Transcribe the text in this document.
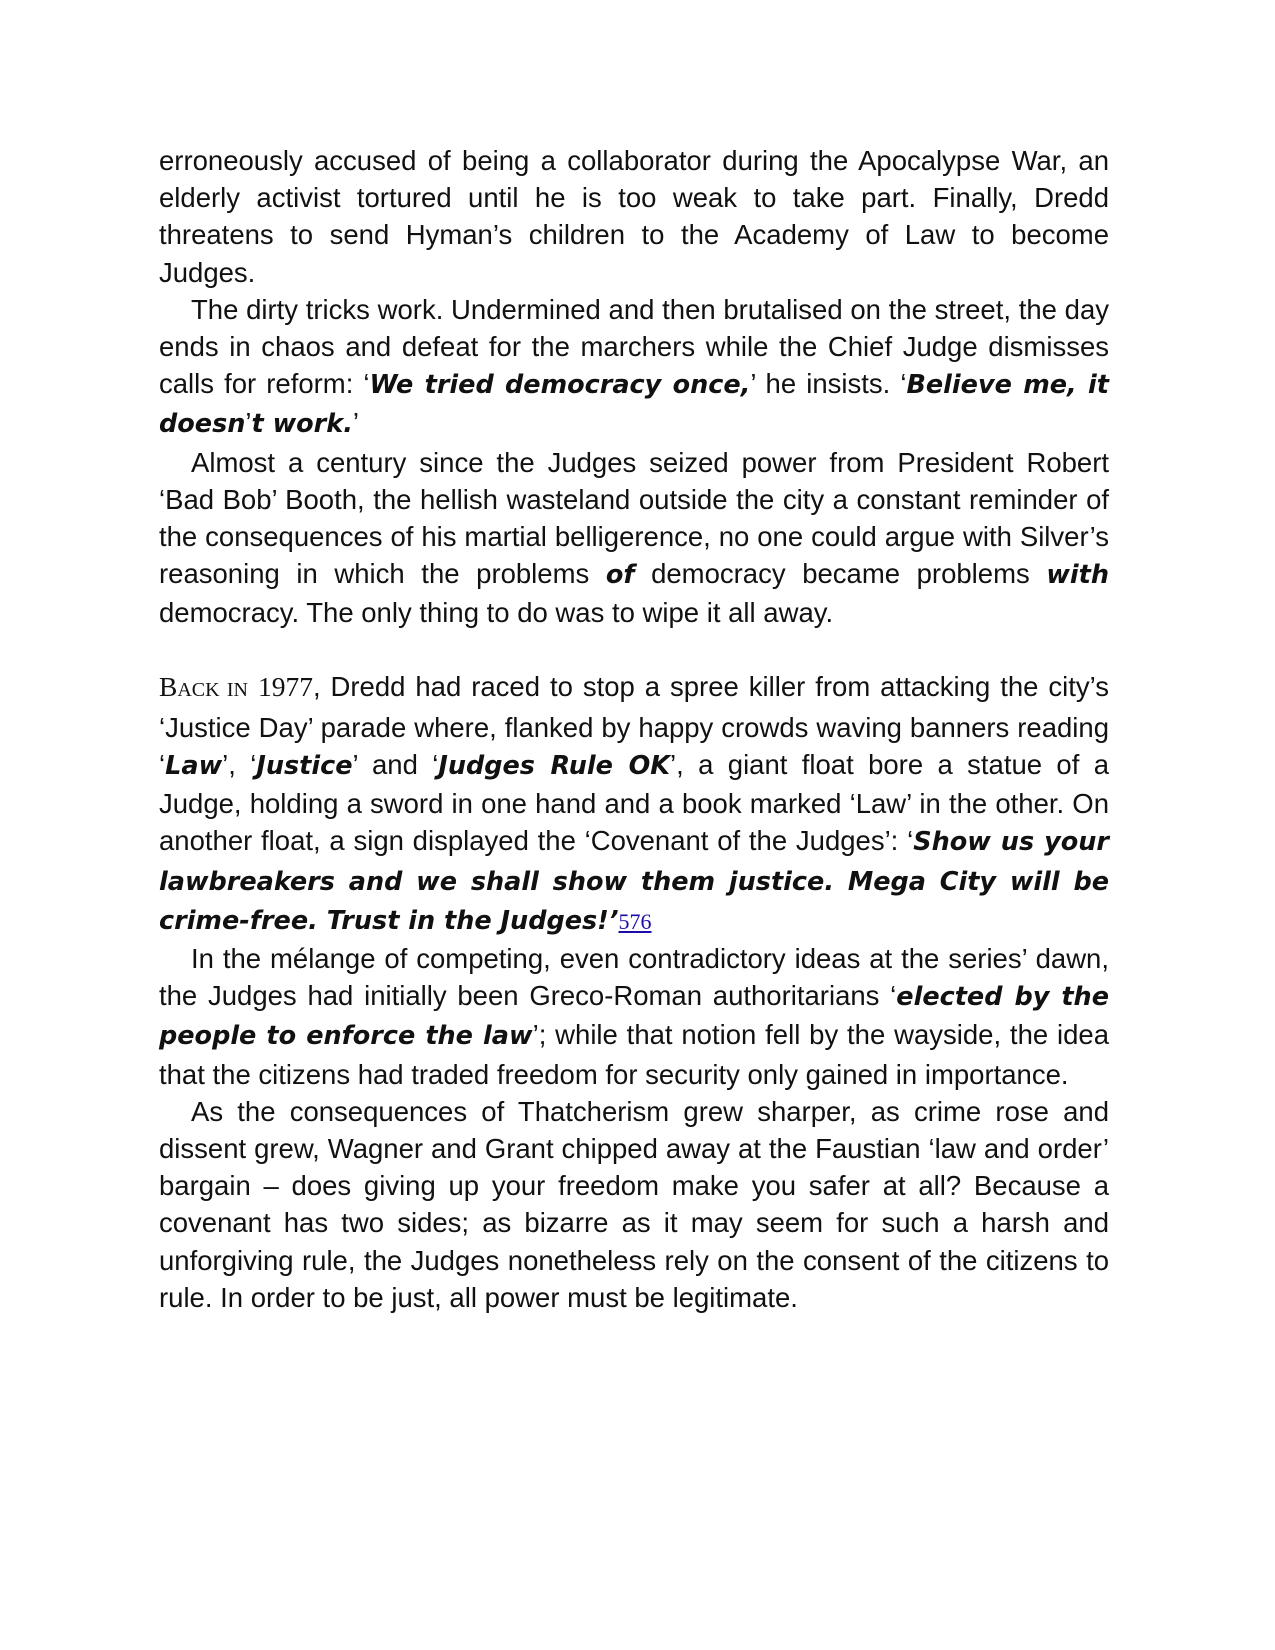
erroneously accused of being a collaborator during the Apocalypse War, an elderly activist tortured until he is too weak to take part. Finally, Dredd threatens to send Hyman’s children to the Academy of Law to become Judges.

The dirty tricks work. Undermined and then brutalised on the street, the day ends in chaos and defeat for the marchers while the Chief Judge dismisses calls for reform: ‘We tried democracy once,’ he insists. ‘Believe me, it doesn’t work.’

Almost a century since the Judges seized power from President Robert ‘Bad Bob’ Booth, the hellish wasteland outside the city a constant reminder of the consequences of his martial belligerence, no one could argue with Silver’s reasoning in which the problems of democracy became problems with democracy. The only thing to do was to wipe it all away.

BACK IN 1977, Dredd had raced to stop a spree killer from attacking the city’s ‘Justice Day’ parade where, flanked by happy crowds waving banners reading ‘Law’, ‘Justice’ and ‘Judges Rule OK’, a giant float bore a statue of a Judge, holding a sword in one hand and a book marked ‘Law’ in the other. On another float, a sign displayed the ‘Covenant of the Judges’: ‘Show us your lawbreakers and we shall show them justice. Mega City will be crime-free. Trust in the Judges!’576

In the mélange of competing, even contradictory ideas at the series’ dawn, the Judges had initially been Greco-Roman authoritarians ‘elected by the people to enforce the law’; while that notion fell by the wayside, the idea that the citizens had traded freedom for security only gained in importance.

As the consequences of Thatcherism grew sharper, as crime rose and dissent grew, Wagner and Grant chipped away at the Faustian ‘law and order’ bargain – does giving up your freedom make you safer at all? Because a covenant has two sides; as bizarre as it may seem for such a harsh and unforgiving rule, the Judges nonetheless rely on the consent of the citizens to rule. In order to be just, all power must be legitimate.
